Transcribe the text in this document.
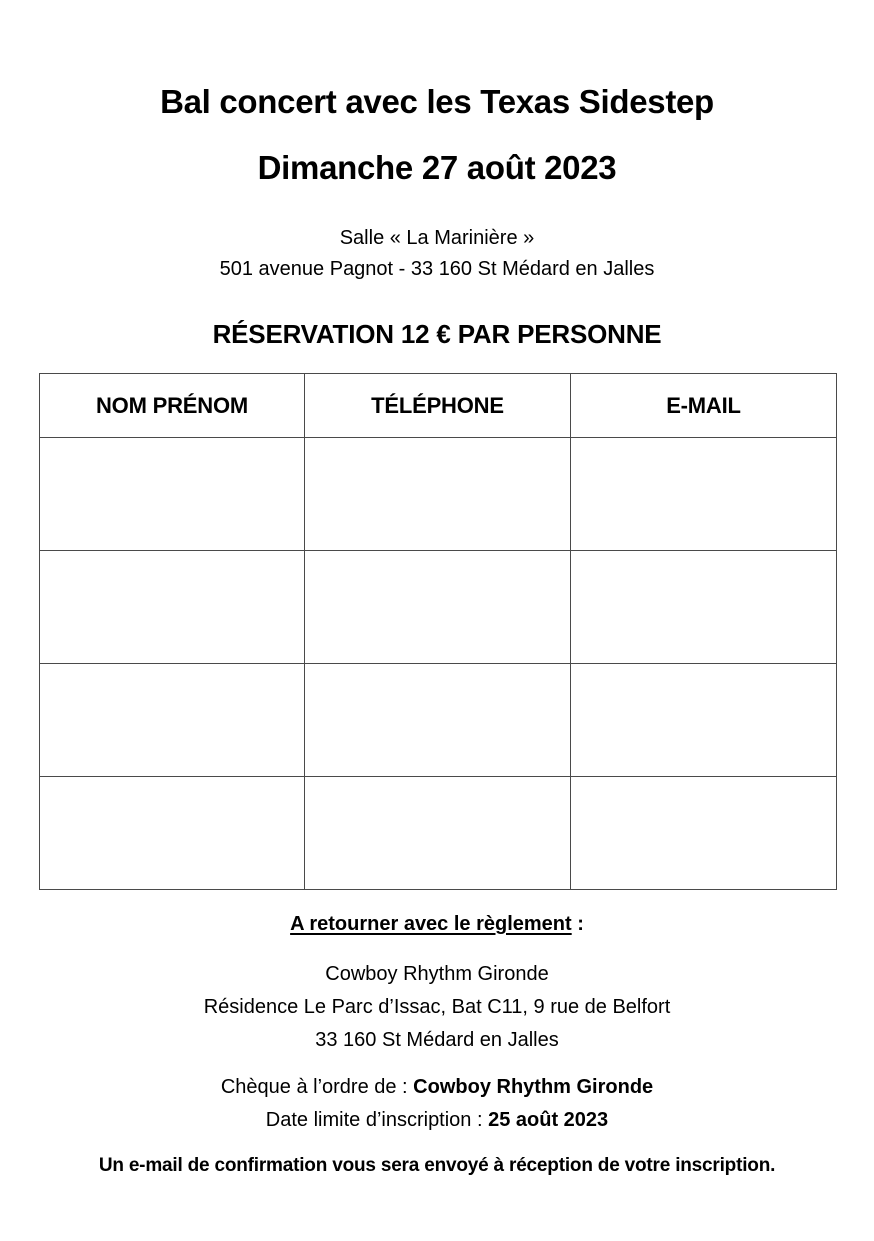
Bal concert avec les Texas Sidestep
Dimanche 27 août 2023
Salle « La Marinière »
501 avenue Pagnot - 33 160 St Médard en Jalles
RÉSERVATION 12 € PAR PERSONNE
NOM PRÉNOM	TÉLÉPHONE	E-MAIL

A retourner avec le règlement :
Cowboy Rhythm Gironde
Résidence Le Parc d’Issac, Bat C11, 9 rue de Belfort
33 160 St Médard en Jalles
Chèque à l’ordre de : Cowboy Rhythm Gironde
Date limite d’inscription : 25 août 2023
Un e-mail de confirmation vous sera envoyé à réception de votre inscription.
